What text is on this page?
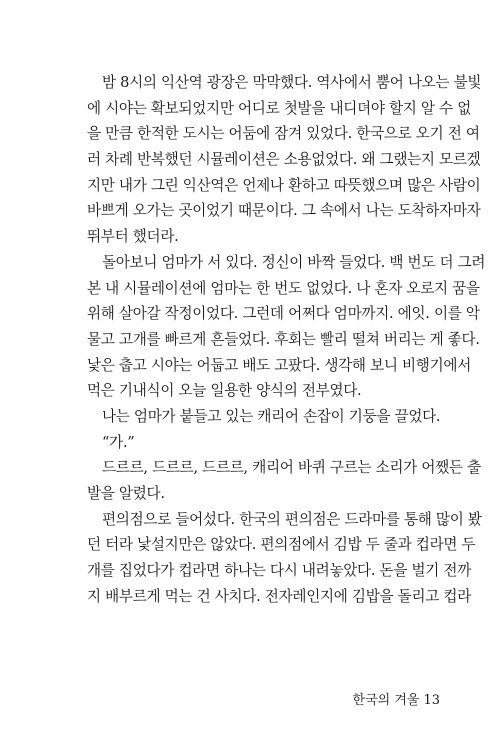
밤 8시의 익산역 광장은 막막했다. 역사에서 뿜어 나오는 불빛
에 시야는 확보되었지만 어디로 첫발을 내디뎌야 할지 알 수 없
을 만큼 한적한 도시는 어둠에 잠겨 있었다. 한국으로 오기 전 여
러 차례 반복했던 시뮬레이션은 소용없었다. 왜 그랬는지 모르겠
지만 내가 그린 익산역은 언제나 환하고 따뜻했으며 많은 사람이
바쁘게 오가는 곳이었기 때문이다. 그 속에서 나는 도착하자마자
뛰부터 했더라.
돌아보니 엄마가 서 있다. 정신이 바짝 들었다. 백 번도 더 그려
본 내 시뮬레이션에 엄마는 한 번도 없었다. 나 혼자 오로지 꿈을
위해 살아갈 작정이었다. 그런데 어쩌다 엄마까지. 에잇. 이를 악
물고 고개를 빠르게 흔들었다. 후회는 빨리 떨쳐 버리는 게 좋다.
낯은 춥고 시야는 어둡고 배도 고팠다. 생각해 보니 비행기에서
먹은 기내식이 오늘 일용한 양식의 전부였다.
나는 엄마가 붙들고 있는 캐리어 손잡이 기둥을 끌었다.
“가.”
드르르, 드르르, 드르르, 캐리어 바퀴 구르는 소리가 어쨌든 출
발을 알렸다.
편의점으로 들어섰다. 한국의 편의점은 드라마를 통해 많이 봤
던 터라 낯설지만은 않았다. 편의점에서 김밥 두 줄과 컵라면 두
개를 집었다가 컵라면 하나는 다시 내려놓았다. 돈을 벌기 전까
지 배부르게 먹는 건 사치다. 전자레인지에 김밥을 돌리고 컵라
한국의 겨울 13
